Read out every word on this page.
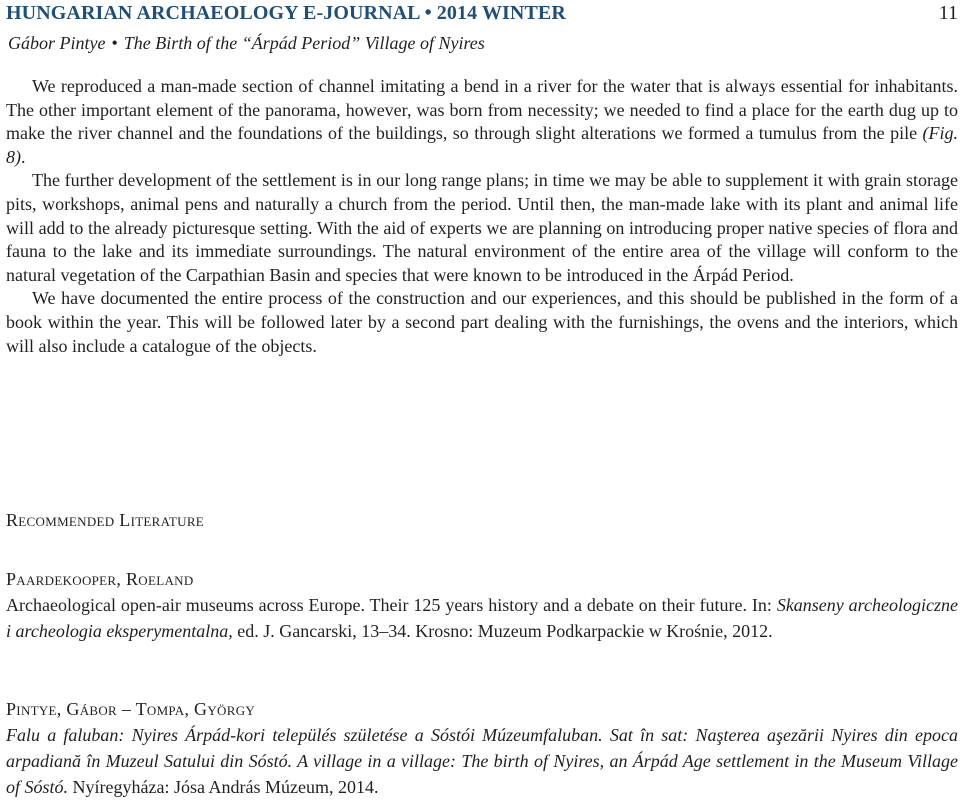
HUNGARIAN ARCHAEOLOGY E-JOURNAL • 2014 WINTER	11
Gábor Pintye • The Birth of the “Árpád Period” Village of Nyires

We reproduced a man-made section of channel imitating a bend in a river for the water that is always essential for inhabitants. The other important element of the panorama, however, was born from necessity; we needed to find a place for the earth dug up to make the river channel and the foundations of the buildings, so through slight alterations we formed a tumulus from the pile (Fig. 8).

The further development of the settlement is in our long range plans; in time we may be able to supplement it with grain storage pits, workshops, animal pens and naturally a church from the period. Until then, the man-made lake with its plant and animal life will add to the already picturesque setting. With the aid of experts we are planning on introducing proper native species of flora and fauna to the lake and its immediate surroundings. The natural environment of the entire area of the village will conform to the natural vegetation of the Carpathian Basin and species that were known to be introduced in the Árpád Period.

We have documented the entire process of the construction and our experiences, and this should be published in the form of a book within the year. This will be followed later by a second part dealing with the furnishings, the ovens and the interiors, which will also include a catalogue of the objects.

Recommended Literature

Paardekooper, Roeland

Archaeological open-air museums across Europe. Their 125 years history and a debate on their future. In: Skanseny archeologiczne i archeologia eksperymentalna, ed. J. Gancarski, 13–34. Krosno: Muzeum Podkarpackie w Krośnie, 2012.

Pintye, Gábor – Tompa, György

Falu a faluban: Nyires Árpád-kori település születése a Sóstói Múzeumfaluban. Sat în sat: Naşterea aşezării Nyires din epoca arpadiană în Muzeul Satului din Sóstó. A village in a village: The birth of Nyires, an Árpád Age settlement in the Museum Village of Sóstó. Nyíregyháza: Jósa András Múzeum, 2014.
